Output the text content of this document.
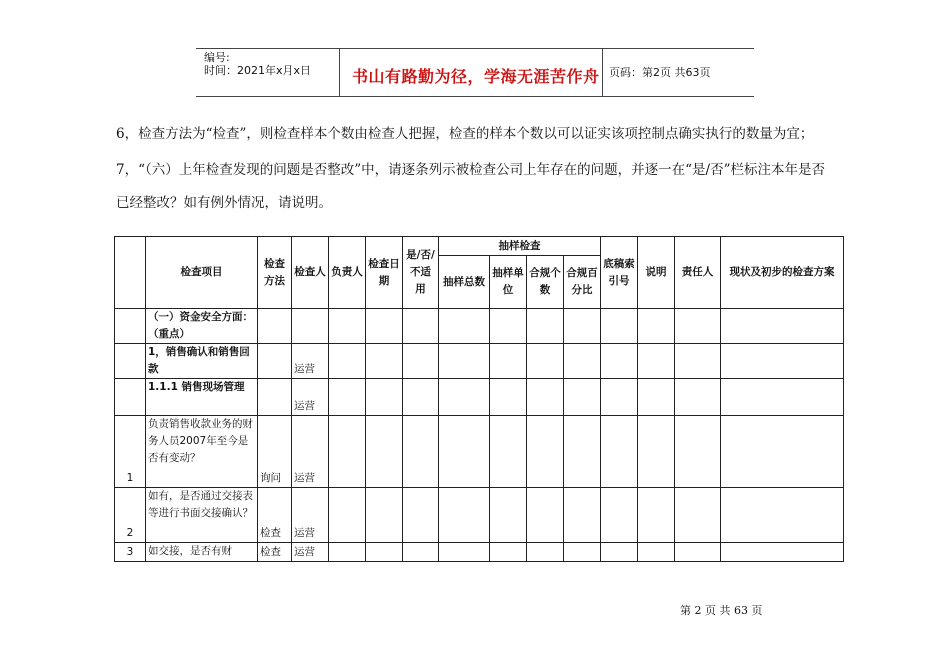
编号:
时间：2021年x月x日	书山有路勤为径，学海无涯苦作舟 页码：第2页 共63页
6，检查方法为“检查”，则检查样本个数由检查人把握，检查的样本个数以可以证实该项控制点确实执行的数量为宜；
7，“（六）上年检查发现的问题是否整改”中，请逐条列示被检查公司上年存在的问题，并逐一在“是/否”栏标注本年是否
已经整改？如有例外情况，请说明。
	检查项目	检查方法	检查人	负责人	检查日期	是/否/不适用	抽样检查				底稿索引号	说明	责任人	现状及初步的检查方案
							抽样总数	抽样单位	合规个数	合规百分比				
	（一）资金安全方面：（重点）													
	1，销售确认和销售回款		运营											
	1.1.1 销售现场管理		运营											
1	负责销售收款业务的财务人员2007年至今是否有变动？	询问	运营											
2	如有，是否通过交接表等进行书面交接确认？	检查	运营											
3	如交接，是否有财	检查	运营											
第 2 页 共 63 页
